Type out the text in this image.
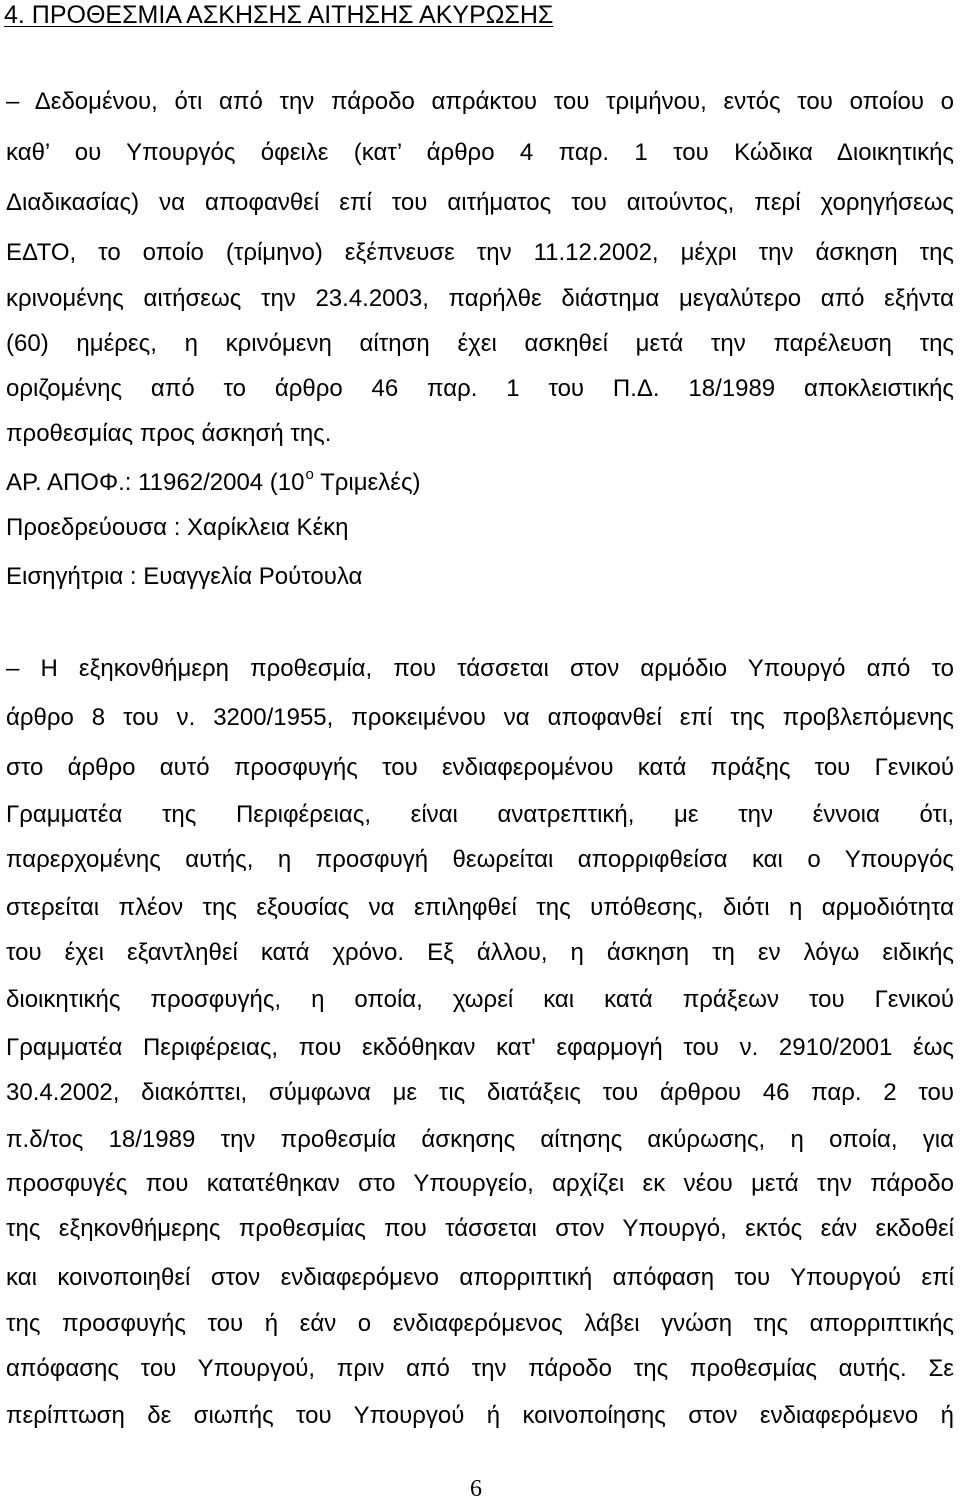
4. ΠΡΟΘΕΣΜΙΑ ΑΣΚΗΣΗΣ ΑΙΤΗΣΗΣ ΑΚΥΡΩΣΗΣ
– Δεδομένου, ότι από την πάροδο απράκτου του τριμήνου, εντός του οποίου ο
καθ’ ου Υπουργός όφειλε (κατ’ άρθρο 4 παρ. 1 του Κώδικα Διοικητικής
Διαδικασίας) να αποφανθεί επί του αιτήματος του αιτούντος, περί χορηγήσεως
ΕΔΤΟ, το οποίο (τρίμηνο) εξέπνευσε την 11.12.2002, μέχρι την άσκηση της
κρινομένης αιτήσεως την 23.4.2003, παρήλθε διάστημα μεγαλύτερο από εξήντα
(60) ημέρες, η κρινόμενη αίτηση έχει ασκηθεί μετά την παρέλευση της
οριζομένης από το άρθρο 46 παρ. 1 του Π.Δ. 18/1989 αποκλειστικής
προθεσμίας προς άσκησή της.
ΑΡ. ΑΠΟΦ.: 11962/2004 ($10^o$ Τριμελές)
Προεδρεύουσα : Χαρίκλεια Κέκη
Εισηγήτρια : Ευαγγελία Ρούτουλα
– Η εξηκονθήμερη προθεσμία, που τάσσεται στον αρμόδιο Υπουργό από το
άρθρο 8 του ν. 3200/1955, προκειμένου να αποφανθεί επί της προβλεπόμενης
στο άρθρο αυτό προσφυγής του ενδιαφερομένου κατά πράξης του Γενικού
Γραμματέα της Περιφέρειας, είναι ανατρεπτική, με την έννοια ότι,
παρερχομένης αυτής, η προσφυγή θεωρείται απορριφθείσα και ο Υπουργός
στερείται πλέον της εξουσίας να επιληφθεί της υπόθεσης, διότι η αρμοδιότητα
του έχει εξαντληθεί κατά χρόνο. Εξ άλλου, η άσκηση τη εν λόγω ειδικής
διοικητικής προσφυγής, η οποία, χωρεί και κατά πράξεων του Γενικού
Γραμματέα Περιφέρειας, που εκδόθηκαν κατ' εφαρμογή του ν. 2910/2001 έως
30.4.2002, διακόπτει, σύμφωνα με τις διατάξεις του άρθρου 46 παρ. 2 του
π.δ/τος 18/1989 την προθεσμία άσκησης αίτησης ακύρωσης, η οποία, για
προσφυγές που κατατέθηκαν στο Υπουργείο, αρχίζει εκ νέου μετά την πάροδο
της εξηκονθήμερης προθεσμίας που τάσσεται στον Υπουργό, εκτός εάν εκδοθεί
και κοινοποιηθεί στον ενδιαφερόμενο απορριπτική απόφαση του Υπουργού επί
της προσφυγής του ή εάν ο ενδιαφερόμενος λάβει γνώση της απορριπτικής
απόφασης του Υπουργού, πριν από την πάροδο της προθεσμίας αυτής. Σε
περίπτωση δε σιωπής του Υπουργού ή κοινοποίησης στον ενδιαφερόμενο ή
6
